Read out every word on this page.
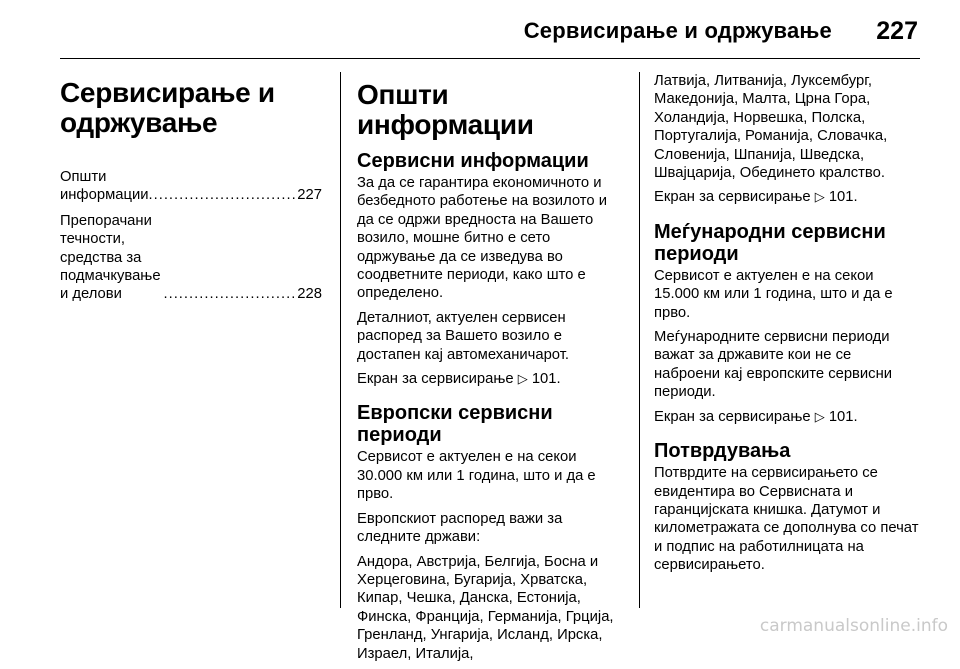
Сервисирање и одржување 227
Сервисирање и одржување
Општи информации .....	227
Препорачани течности, средства за подмачкување и делови .....	228
Општи информации
Сервисни информации

За да се гарантира економичното и безбедното работење на возилото и да се одржи вредноста на Вашето возило, мошне битно е сето одржување да се изведува во соодветните периоди, како што е определено.

Деталниот, актуелен сервисен распоред за Вашето возило е достапен кај автомеханичарот.

Екран за сервисирање ▷ 101.

Европски сервисни периоди

Сервисот е актуелен е на секои 30.000 км или 1 година, што и да е прво.

Европскиот распоред важи за следните држави:

Андора, Австрија, Белгија, Босна и Херцеговина, Бугарија, Хрватска, Кипар, Чешка, Данска, Естонија, Финска, Франција, Германија, Грција, Гренланд, Унгарија, Исланд, Ирска, Израел, Италија,

Латвија, Литванија, Луксембург, Македонија, Малта, Црна Гора, Холандија, Норвешка, Полска, Португалија, Романија, Словачка, Словенија, Шпанија, Шведска, Швајцарија, Обединето кралство.

Екран за сервисирање ▷ 101.

Меѓународни сервисни периоди

Сервисот е актуелен е на секои 15.000 км или 1 година, што и да е прво.

Меѓународните сервисни периоди важат за државите кои не се наброени кај европските сервисни периоди.

Екран за сервисирање ▷ 101.

Потврдувања

Потврдите на сервисирањето се евидентира во Сервисната и гаранцијската книшка. Датумот и километражата се дополнува со печат и подпис на работилницата на сервисирањето.

carmanualsonline.info
